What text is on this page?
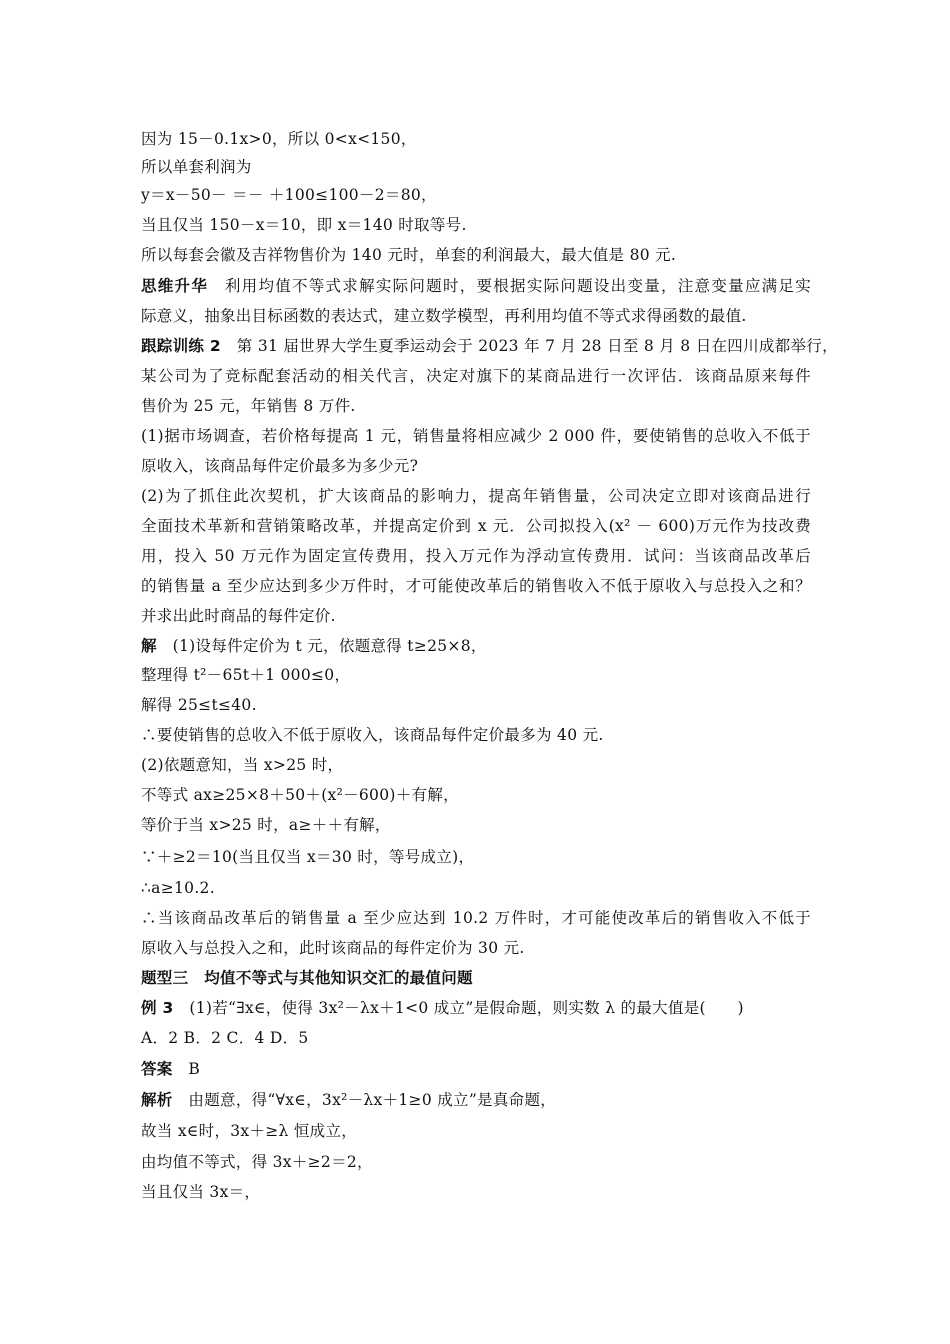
因为 15－0.1x>0，所以 0<x<150，
所以单套利润为
y＝x－50－ ＝－ ＋100≤100－2＝80，
当且仅当 150－x＝10，即 x＝140 时取等号.
所以每套会徽及吉祥物售价为 140 元时，单套的利润最大，最大值是 80 元.
思维升华　 利用均值不等式求解实际问题时，要根据实际问题设出变量，注意变量应满足实
际意义，抽象出目标函数的表达式，建立数学模型，再利用均值不等式求得函数的最值.
跟踪训练 2　 第 31 届世界大学生夏季运动会于 2023 年 7 月 28 日至 8 月 8 日在四川成都举行，
某公司为了竞标配套活动的相关代言，决定对旗下的某商品进行一次评估．该商品原来每件
售价为 25 元，年销售 8 万件.
(1)据市场调查，若价格每提高 1 元，销售量将相应减少 2 000 件，要使销售的总收入不低于
原收入，该商品每件定价最多为多少元?
(2)为了抓住此次契机，扩大该商品的影响力，提高年销售量，公司决定立即对该商品进行
全面技术革新和营销策略改革，并提高定价到 x 元．公司拟投入(x² － 600)万元作为技改费
用，投入 50 万元作为固定宣传费用，投入万元作为浮动宣传费用．试问：当该商品改革后
的销售量 a 至少应达到多少万件时，才可能使改革后的销售收入不低于原收入与总投入之和？
并求出此时商品的每件定价.
解　 (1)设每件定价为 t 元，依题意得 t≥25×8，
整理得 t²－65t＋1 000≤0，
解得 25≤t≤40.
∴要使销售的总收入不低于原收入，该商品每件定价最多为 40 元.
(2)依题意知，当 x>25 时，
不等式 ax≥25×8＋50＋(x²－600)＋有解，
等价于当 x>25 时，a≥＋＋有解，
∵＋≥2＝10(当且仅当 x＝30 时，等号成立)，
∴a≥10.2.
∴当该商品改革后的销售量 a 至少应达到 10.2 万件时，才可能使改革后的销售收入不低于
原收入与总投入之和，此时该商品的每件定价为 30 元.
题型三　 均值不等式与其他知识交汇的最值问题
例 3　 (1)若“∃x∈，使得 3x²－λx＋1<0 成立”是假命题，则实数 λ 的最大值是(　　)
A．2 B．2 C．4 D．5
答案　 B
解析　 由题意，得“∀x∈，3x²－λx＋1≥0 成立”是真命题，
故当 x∈时，3x＋≥λ 恒成立，
由均值不等式，得 3x＋≥2＝2，
当且仅当 3x＝，
